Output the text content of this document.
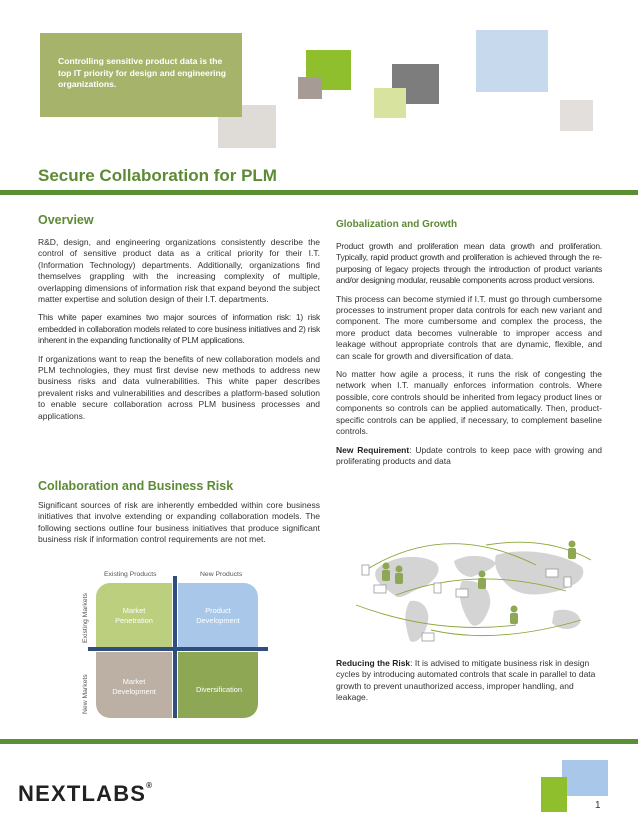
Controlling sensitive product data is the top IT priority for design and engineering organizations.
Secure Collaboration for PLM
Overview

R&D, design, and engineering organizations consistently describe the control of sensitive product data as a critical priority for their I.T. (Information Technology) departments. Additionally, organizations find themselves grappling with the increasing complexity of multiple, overlapping dimensions of information risk that expand beyond the subject matter expertise and solution design of their I.T. departments.

This white paper examines two major sources of information risk: 1) risk embedded in collaboration models related to core business initiatives and 2) risk inherent in the expanding functionality of PLM applications.

If organizations want to reap the benefits of new collaboration models and PLM technologies, they must first devise new methods to address new business risks and data vulnerabilities. This white paper describes prevalent risks and vulnerabilities and describes a platform-based solution to enable secure collaboration across PLM business processes and applications.

Collaboration and Business Risk

Significant sources of risk are inherently embedded within core business initiatives that involve extending or expanding collaboration models. The following sections outline four business initiatives that produce significant business risk if information control requirements are not met.

Existing Products	New Products
Existing Markets
New Markets
Market Penetration
Product Development
Market Development	Diversification
Globalization and Growth

Product growth and proliferation mean data growth and proliferation. Typically, rapid product growth and proliferation is achieved through the re-purposing of legacy projects through the introduction of product variants and/or designing modular, reusable components across product versions.

This process can become stymied if I.T. must go through cumbersome processes to instrument proper data controls for each new variant and component. The more cumbersome and complex the process, the more product data becomes vulnerable to improper access and leakage without appropriate controls that are dynamic, flexible, and can scale for growth and diversification of data.

No matter how agile a process, it runs the risk of congesting the network when I.T. manually enforces information controls. Where possible, core controls should be inherited from legacy product lines or components so controls can be applied automatically. Then, product-specific controls can be applied, if necessary, to complement baseline controls.

New Requirement: Update controls to keep pace with growing and proliferating products and data

Reducing the Risk: It is advised to mitigate business risk in design cycles by introducing automated controls that scale in parallel to data growth to prevent unauthorized access, improper handling, and leakage.

NEXTLABS®
1
